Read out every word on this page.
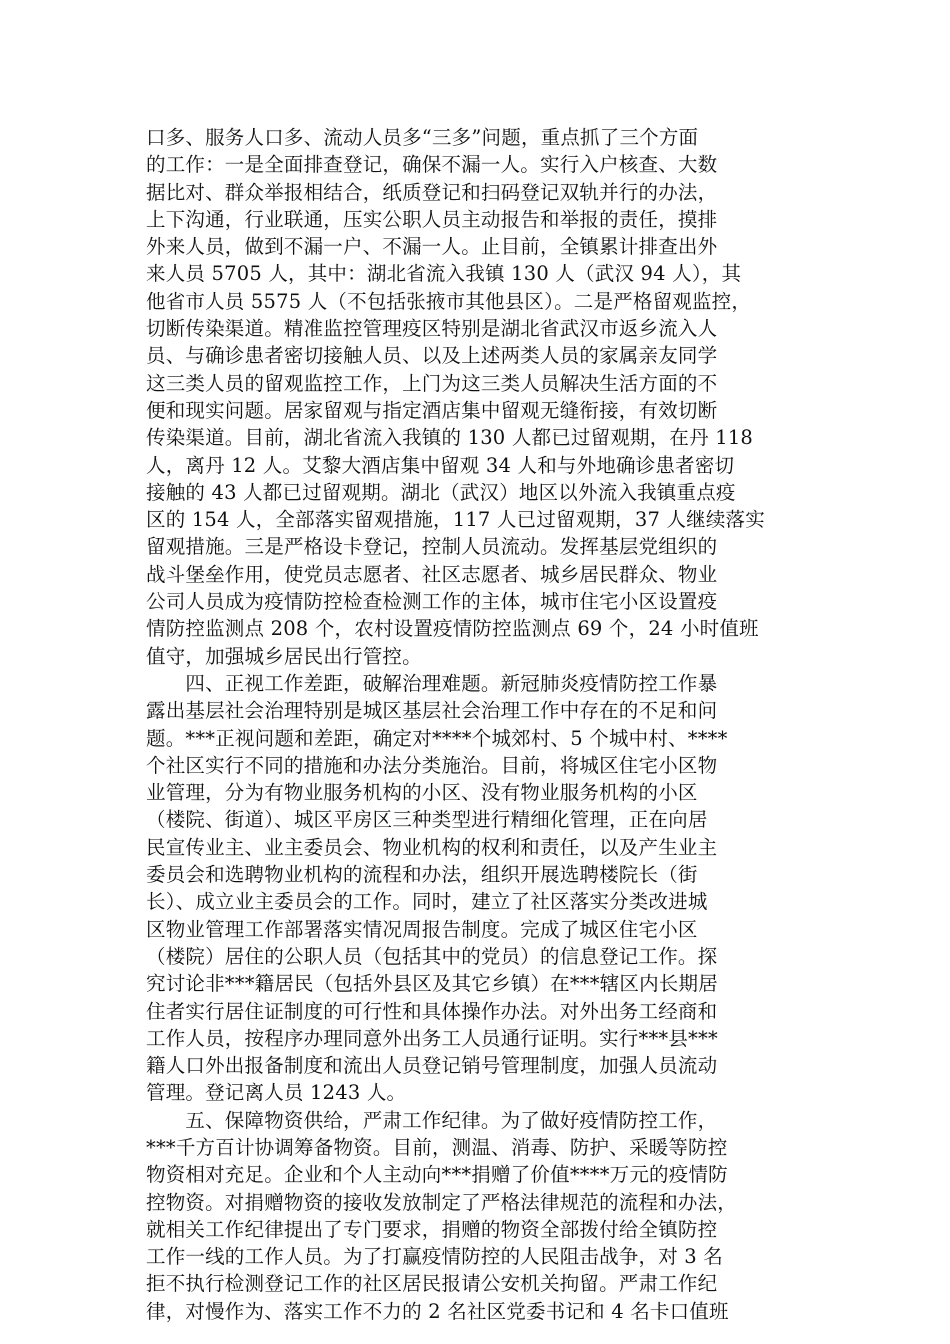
口多、服务人口多、流动人员多“三多”问题，重点抓了三个方面
的工作：一是全面排查登记，确保不漏一人。实行入户核查、大数
据比对、群众举报相结合，纸质登记和扫码登记双轨并行的办法，
上下沟通，行业联通，压实公职人员主动报告和举报的责任，摸排
外来人员，做到不漏一户、不漏一人。止目前，全镇累计排查出外
来人员 5705 人，其中：湖北省流入我镇 130 人（武汉 94 人），其
他省市人员 5575 人（不包括张掖市其他县区）。二是严格留观监控，
切断传染渠道。精准监控管理疫区特别是湖北省武汉市返乡流入人
员、与确诊患者密切接触人员、以及上述两类人员的家属亲友同学
这三类人员的留观监控工作，上门为这三类人员解决生活方面的不
便和现实问题。居家留观与指定酒店集中留观无缝衔接，有效切断
传染渠道。目前，湖北省流入我镇的 130 人都已过留观期，在丹 118
人，离丹 12 人。艾黎大酒店集中留观 34 人和与外地确诊患者密切
接触的 43 人都已过留观期。湖北（武汉）地区以外流入我镇重点疫
区的 154 人，全部落实留观措施，117 人已过留观期，37 人继续落实
留观措施。三是严格设卡登记，控制人员流动。发挥基层党组织的
战斗堡垒作用，使党员志愿者、社区志愿者、城乡居民群众、物业
公司人员成为疫情防控检查检测工作的主体，城市住宅小区设置疫
情防控监测点 208 个，农村设置疫情防控监测点 69 个，24 小时值班
值守，加强城乡居民出行管控。
　　四、正视工作差距，破解治理难题。新冠肺炎疫情防控工作暴
露出基层社会治理特别是城区基层社会治理工作中存在的不足和问
题。***正视问题和差距，确定对****个城郊村、5 个城中村、****
个社区实行不同的措施和办法分类施治。目前，将城区住宅小区物
业管理，分为有物业服务机构的小区、没有物业服务机构的小区
（楼院、街道）、城区平房区三种类型进行精细化管理，正在向居
民宣传业主、业主委员会、物业机构的权利和责任，以及产生业主
委员会和选聘物业机构的流程和办法，组织开展选聘楼院长（街
长）、成立业主委员会的工作。同时，建立了社区落实分类改进城
区物业管理工作部署落实情况周报告制度。完成了城区住宅小区
（楼院）居住的公职人员（包括其中的党员）的信息登记工作。探
究讨论非***籍居民（包括外县区及其它乡镇）在***辖区内长期居
住者实行居住证制度的可行性和具体操作办法。对外出务工经商和
工作人员，按程序办理同意外出务工人员通行证明。实行***县***
籍人口外出报备制度和流出人员登记销号管理制度，加强人员流动
管理。登记离人员 1243 人。
　　五、保障物资供给，严肃工作纪律。为了做好疫情防控工作，
***千方百计协调筹备物资。目前，测温、消毒、防护、采暖等防控
物资相对充足。企业和个人主动向***捐赠了价值****万元的疫情防
控物资。对捐赠物资的接收发放制定了严格法律规范的流程和办法，
就相关工作纪律提出了专门要求，捐赠的物资全部拨付给全镇防控
工作一线的工作人员。为了打赢疫情防控的人民阻击战争，对 3 名
拒不执行检测登记工作的社区居民报请公安机关拘留。严肃工作纪
律，对慢作为、落实工作不力的 2 名社区党委书记和 4 名卡口值班
